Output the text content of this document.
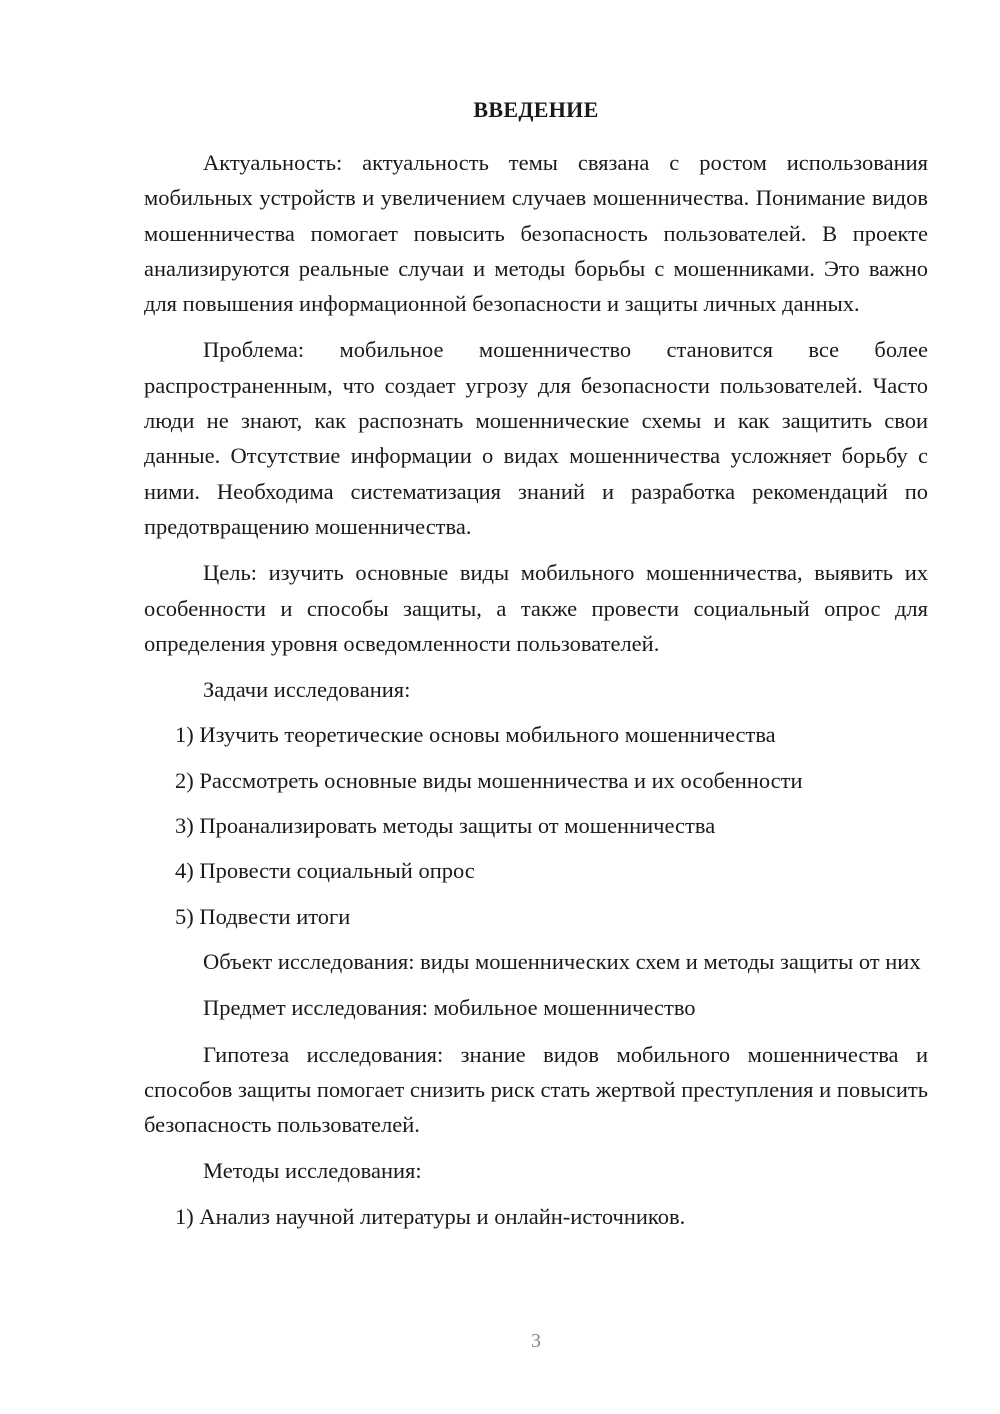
ВВЕДЕНИЕ

Актуальность: актуальность темы связана с ростом использования мобильных устройств и увеличением случаев мошенничества. Понимание видов мошенничества помогает повысить безопасность пользователей. В проекте анализируются реальные случаи и методы борьбы с мошенниками. Это важно для повышения информационной безопасности и защиты личных данных.

Проблема: мобильное мошенничество становится все более распространенным, что создает угрозу для безопасности пользователей. Часто люди не знают, как распознать мошеннические схемы и как защитить свои данные. Отсутствие информации о видах мошенничества усложняет борьбу с ними. Необходима систематизация знаний и разработка рекомендаций по предотвращению мошенничества.

Цель: изучить основные виды мобильного мошенничества, выявить их особенности и способы защиты, а также провести социальный опрос для определения уровня осведомленности пользователей.

Задачи исследования:
1) Изучить теоретические основы мобильного мошенничества
2) Рассмотреть основные виды мошенничества и их особенности
3) Проанализировать методы защиты от мошенничества
4) Провести социальный опрос
5) Подвести итоги

Объект исследования: виды мошеннических схем и методы защиты от них

Предмет исследования: мобильное мошенничество

Гипотеза исследования: знание видов мобильного мошенничества и способов защиты помогает снизить риск стать жертвой преступления и повысить безопасность пользователей.

Методы исследования:
1) Анализ научной литературы и онлайн-источников.
3
